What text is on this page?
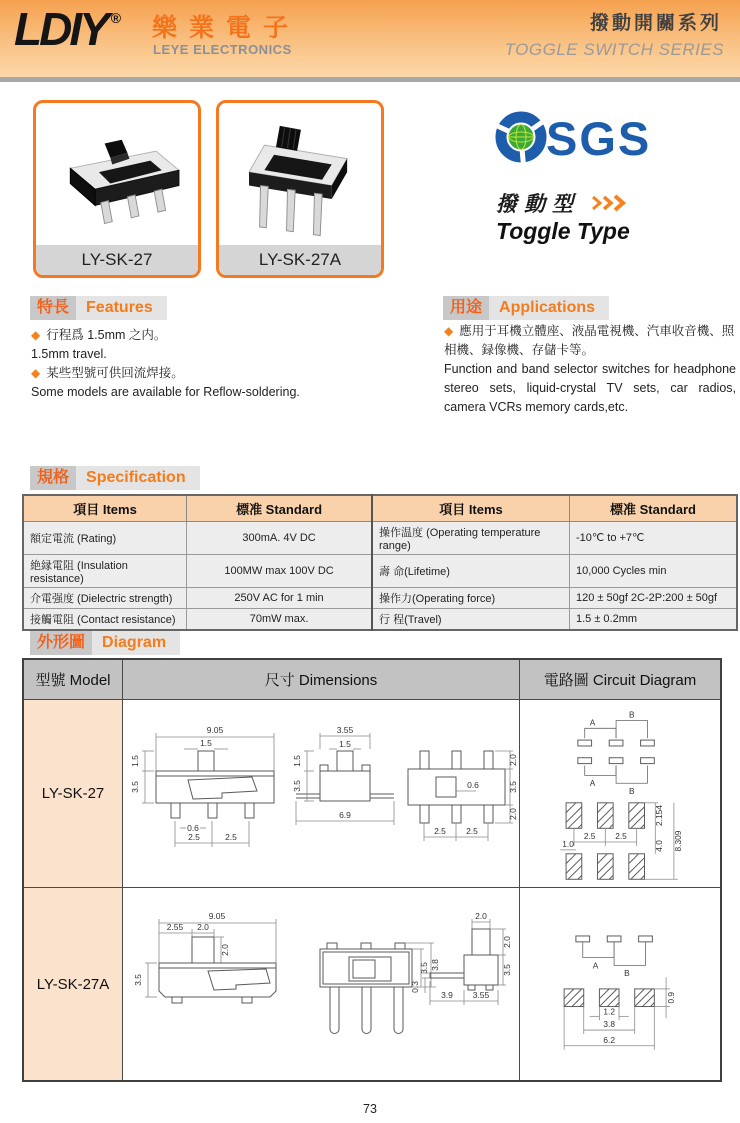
LDIY ® 樂業電子
LEYE ELECTRONICS
撥動開關系列
TOGGLE SWITCH SERIES
LY-SK-27	LY-SK-27A
SGS
撥動型
Toggle Type
特長	Features
◆ 行程爲 1.5mm 之内。
1.5mm travel.
◆ 某些型號可供回流焊接。
Some models are available for Reflow-soldering.
用途	Applications
◆ 應用于耳機立體座、液晶電視機、汽車收音機、照相機、録像機、存儲卡等。
Function and band selector switches for headphone stereo sets, liquid-crystal TV sets, car radios, camera VCRs memory cards,etc.
規格	Specification
項目 Items	標准 Standard	項目 Items	標准 Standard
額定電流 (Rating)	300mA. 4V DC	操作温度 (Operating temperature range)	-10℃ to +7℃
絶縁電阻 (Insulation resistance)	100MW max 100V DC	壽 命(Lifetime)	10,000 Cycles min
介電强度 (Dielectric strength)	250V AC for 1 min	操作力(Operating force)	120 ± 50gf 2C-2P:200 ± 50gf
接觸電阻 (Contact resistance)	70mW max.	行 程(Travel)	1.5 ± 0.2mm
外形圖	Diagram
型號 Model	尺寸 Dimensions	電路圖 Circuit Diagram
LY-SK-27
9.05
1.5
1.5
3.5
0.6
2.5	2.5
3.55
1.5
1.5
3.5
6.9
0.6
2.0
3.5
2.0
2.5 2.5
A
B
A
B
2.154
2.5 2.5
4.0 8.309
1.0
LY-SK-27A
9.05
2.55 2.0
2.0
3.5
3.5 3.8
2.0
2.0
3.5
0.3
3.9 3.55
A
B
0.9
1.2
3.8
6.2
73
